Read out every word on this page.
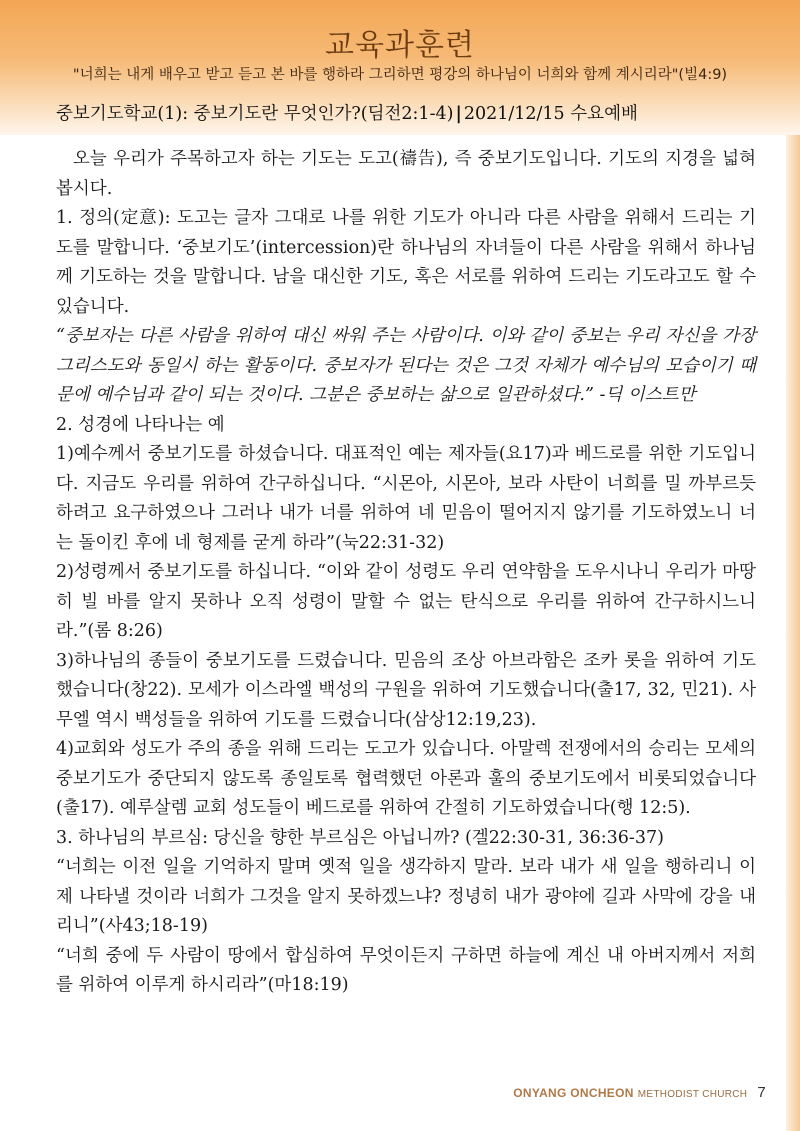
교육과훈련
"너희는 내게 배우고 받고 듣고 본 바를 행하라 그리하면 평강의 하나님이 너희와 함께 계시리라"(빌4:9)
중보기도학교(1): 중보기도란 무엇인가?(딤전2:1-4) | 2021/12/15 수요예배

오늘 우리가 주목하고자 하는 기도는 도고(禱告), 즉 중보기도입니다. 기도의 지경을 넓혀봅시다.

1. 정의(定意): 도고는 글자 그대로 나를 위한 기도가 아니라 다른 사람을 위해서 드리는 기도를 말합니다. ‘중보기도’(intercession)란 하나님의 자녀들이 다른 사람을 위해서 하나님께 기도하는 것을 말합니다. 남을 대신한 기도, 혹은 서로를 위하여 드리는 기도라고도 할 수 있습니다.

“중보자는 다른 사람을 위하여 대신 싸워 주는 사람이다. 이와 같이 중보는 우리 자신을 가장 그리스도와 동일시 하는 활동이다. 중보자가 된다는 것은 그것 자체가 예수님의 모습이기 때문에 예수님과 같이 되는 것이다. 그분은 중보하는 삶으로 일관하셨다.” -딕 이스트만

2. 성경에 나타나는 예

1)예수께서 중보기도를 하셨습니다. 대표적인 예는 제자들(요17)과 베드로를 위한 기도입니다. 지금도 우리를 위하여 간구하십니다. “시몬아, 시몬아, 보라 사탄이 너희를 밀 까부르듯 하려고 요구하였으나 그러나 내가 너를 위하여 네 믿음이 떨어지지 않기를 기도하였노니 너는 돌이킨 후에 네 형제를 굳게 하라”(눅22:31-32)

2)성령께서 중보기도를 하십니다. “이와 같이 성령도 우리 연약함을 도우시나니 우리가 마땅히 빌 바를 알지 못하나 오직 성령이 말할 수 없는 탄식으로 우리를 위하여 간구하시느니라.”(롬 8:26)

3)하나님의 종들이 중보기도를 드렸습니다. 믿음의 조상 아브라함은 조카 롯을 위하여 기도했습니다(창22). 모세가 이스라엘 백성의 구원을 위하여 기도했습니다(출17, 32, 민21). 사무엘 역시 백성들을 위하여 기도를 드렸습니다(삼상12:19,23).

4)교회와 성도가 주의 종을 위해 드리는 도고가 있습니다. 아말렉 전쟁에서의 승리는 모세의 중보기도가 중단되지 않도록 종일토록 협력했던 아론과 훌의 중보기도에서 비롯되었습니다(출17). 예루살렘 교회 성도들이 베드로를 위하여 간절히 기도하였습니다(행 12:5).

3. 하나님의 부르심: 당신을 향한 부르심은 아닙니까? (겔22:30-31, 36:36-37)

“너희는 이전 일을 기억하지 말며 옛적 일을 생각하지 말라. 보라 내가 새 일을 행하리니 이제 나타낼 것이라 너희가 그것을 알지 못하겠느냐? 정녕히 내가 광야에 길과 사막에 강을 내리니”(사43;18-19)

“너희 중에 두 사람이 땅에서 합심하여 무엇이든지 구하면 하늘에 계신 내 아버지께서 저희를 위하여 이루게 하시리라”(마18:19)

ONYANG ONCHEON METHODIST CHURCH 7
